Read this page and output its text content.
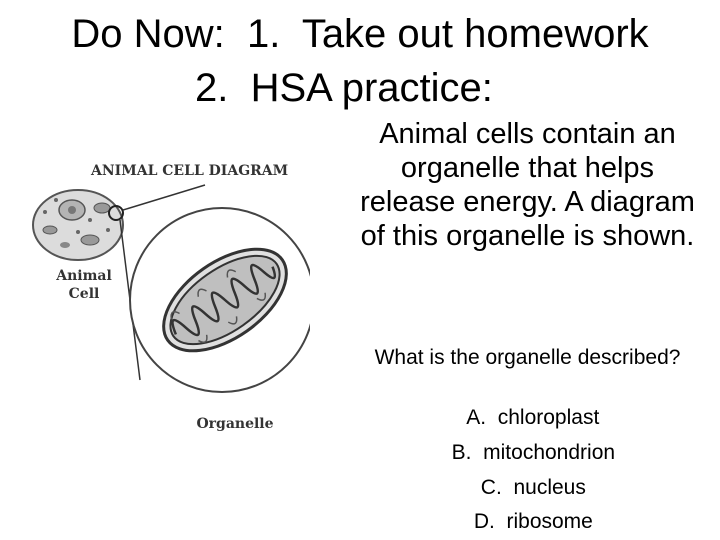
Do Now:  1.  Take out homework
2.  HSA practice:
ANIMAL CELL DIAGRAM
Animal
Cell
Organelle
Animal cells contain an organelle that helps release energy. A diagram of this organelle is shown.
What is the organelle described?

A. chloroplast

B. mitochondrion

C. nucleus

D. ribosome
